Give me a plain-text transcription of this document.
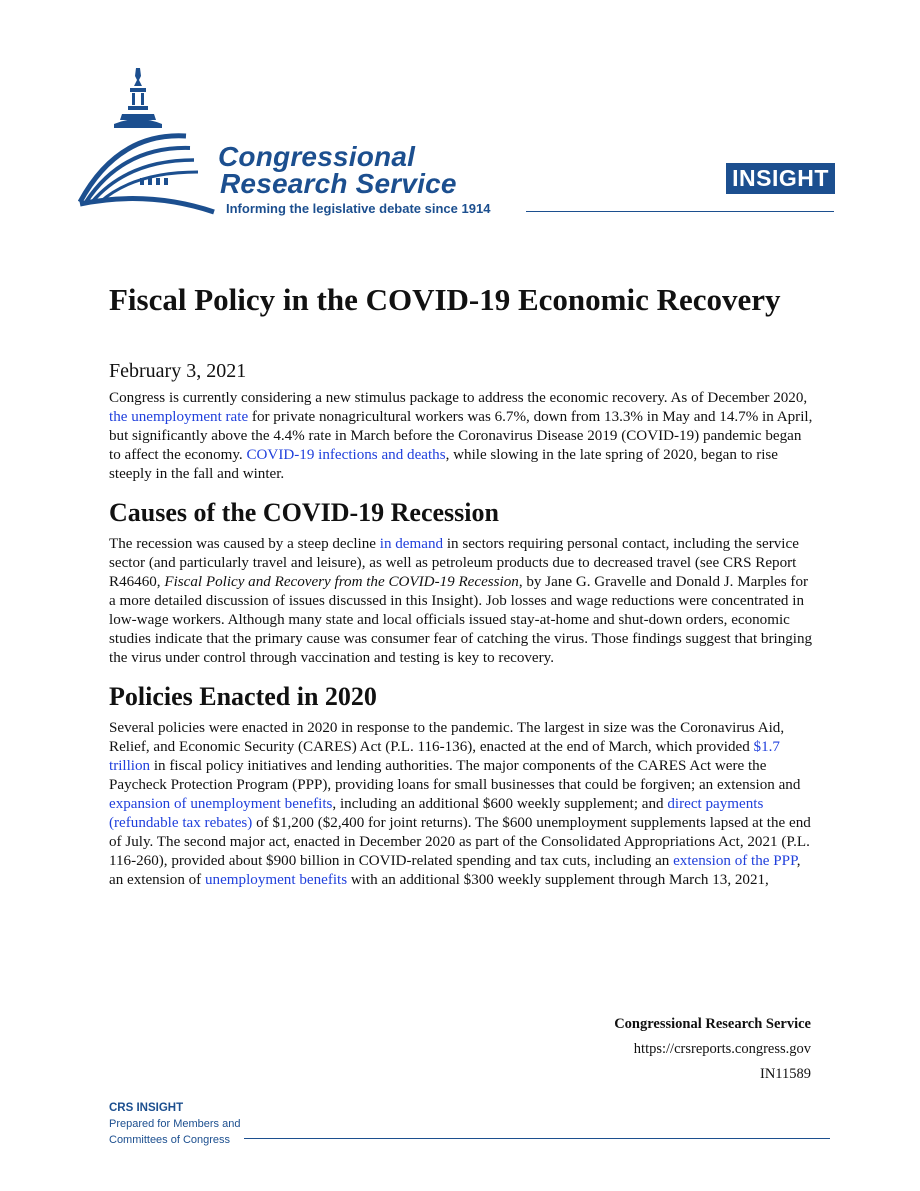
Congressional
Research Service
Informing the legislative debate since 1914
INSIGHT
Fiscal Policy in the COVID-19 Economic Recovery
February 3, 2021

Congress is currently considering a new stimulus package to address the economic recovery. As of December 2020, the unemployment rate for private nonagricultural workers was 6.7%, down from 13.3% in May and 14.7% in April, but significantly above the 4.4% rate in March before the Coronavirus Disease 2019 (COVID-19) pandemic began to affect the economy. COVID-19 infections and deaths, while slowing in the late spring of 2020, began to rise steeply in the fall and winter.

Causes of the COVID-19 Recession

The recession was caused by a steep decline in demand in sectors requiring personal contact, including the service sector (and particularly travel and leisure), as well as petroleum products due to decreased travel (see CRS Report R46460, Fiscal Policy and Recovery from the COVID-19 Recession, by Jane G. Gravelle and Donald J. Marples for a more detailed discussion of issues discussed in this Insight). Job losses and wage reductions were concentrated in low-wage workers. Although many state and local officials issued stay-at-home and shut-down orders, economic studies indicate that the primary cause was consumer fear of catching the virus. Those findings suggest that bringing the virus under control through vaccination and testing is key to recovery.

Policies Enacted in 2020

Several policies were enacted in 2020 in response to the pandemic. The largest in size was the Coronavirus Aid, Relief, and Economic Security (CARES) Act (P.L. 116-136), enacted at the end of March, which provided $1.7 trillion in fiscal policy initiatives and lending authorities. The major components of the CARES Act were the Paycheck Protection Program (PPP), providing loans for small businesses that could be forgiven; an extension and expansion of unemployment benefits, including an additional $600 weekly supplement; and direct payments (refundable tax rebates) of $1,200 ($2,400 for joint returns). The $600 unemployment supplements lapsed at the end of July. The second major act, enacted in December 2020 as part of the Consolidated Appropriations Act, 2021 (P.L. 116-260), provided about $900 billion in COVID-related spending and tax cuts, including an extension of the PPP, an extension of unemployment benefits with an additional $300 weekly supplement through March 13, 2021,

Congressional Research Service
https://crsreports.congress.gov
IN11589
CRS INSIGHT
Prepared for Members and
Committees of Congress
